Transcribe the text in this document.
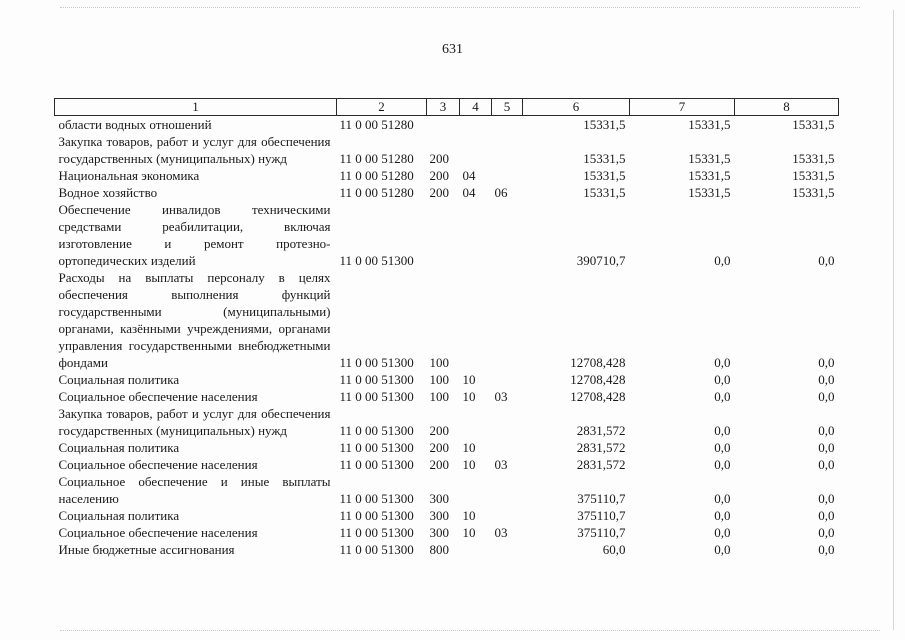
631
1	2	3	4	5	6	7	8
области водных отношений	11 0 00 51280				15331,5	15331,5	15331,5
Закупка товаров, работ и услуг для обеспечения государственных (муниципальных) нужд	11 0 00 51280	200			15331,5	15331,5	15331,5
Национальная экономика	11 0 00 51280	200	04		15331,5	15331,5	15331,5
Водное хозяйство	11 0 00 51280	200	04	06	15331,5	15331,5	15331,5
Обеспечение инвалидов техническими средствами реабилитации, включая изготовление и ремонт протезно-ортопедических изделий	11 0 00 51300				390710,7	0,0	0,0
Расходы на выплаты персоналу в целях обеспечения выполнения функций государственными (муниципальными) органами, казёнными учреждениями, органами управления государственными внебюджетными фондами	11 0 00 51300	100			12708,428	0,0	0,0
Социальная политика	11 0 00 51300	100	10		12708,428	0,0	0,0
Социальное обеспечение населения	11 0 00 51300	100	10	03	12708,428	0,0	0,0
Закупка товаров, работ и услуг для обеспечения государственных (муниципальных) нужд	11 0 00 51300	200			2831,572	0,0	0,0
Социальная политика	11 0 00 51300	200	10		2831,572	0,0	0,0
Социальное обеспечение населения	11 0 00 51300	200	10	03	2831,572	0,0	0,0
Социальное обеспечение и иные выплаты населению	11 0 00 51300	300			375110,7	0,0	0,0
Социальная политика	11 0 00 51300	300	10		375110,7	0,0	0,0
Социальное обеспечение населения	11 0 00 51300	300	10	03	375110,7	0,0	0,0
Иные бюджетные ассигнования	11 0 00 51300	800			60,0	0,0	0,0
